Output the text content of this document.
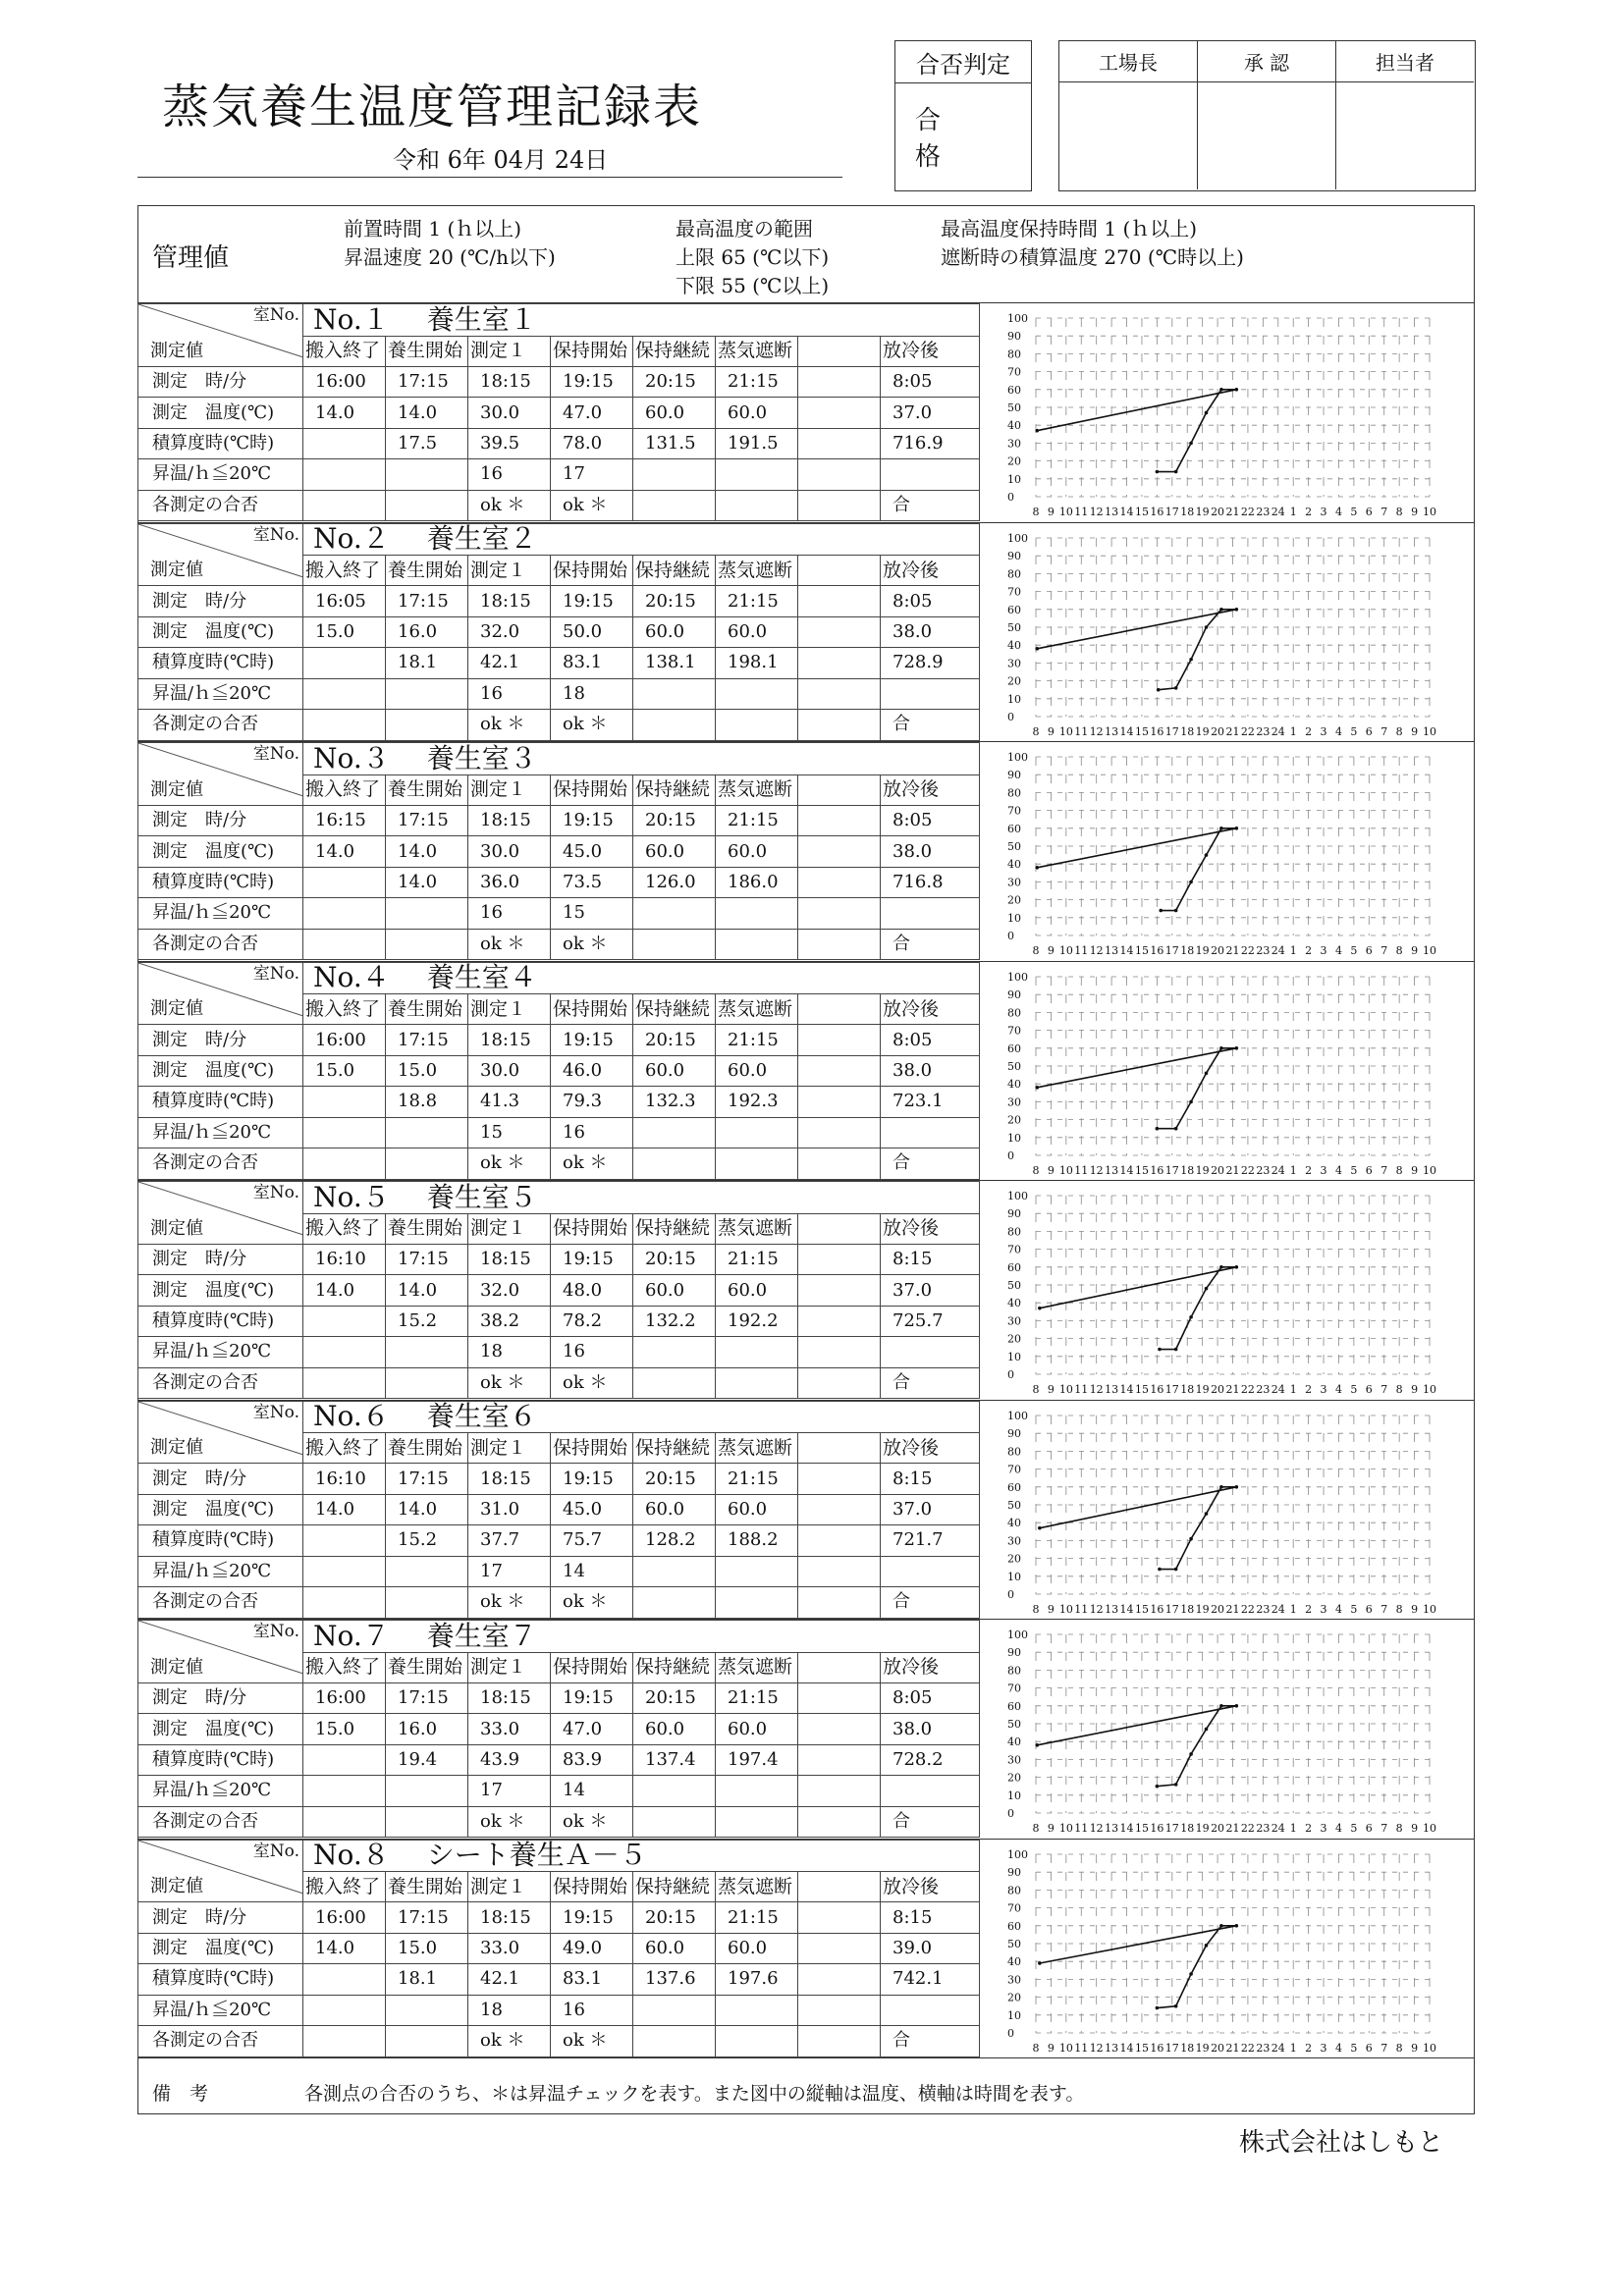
蒸気養生温度管理記録表
令和 6年 04月 24日
合否判定
合 格
工場長	承 認	担当者
管理値
前置時間 1 (ｈ以上)
昇温速度 20 (℃/h以下)
最高温度の範囲
上限 65 (℃以下)
下限 55 (℃以上)
最高温度保持時間 1 (ｈ以上)
遮断時の積算温度 270 (℃時以上)
室No.
測定値	No.１ 養生室１							
	搬入終了	養生開始	測定１	保持開始	保持継続	蒸気遮断		放冷後
測定　時/分	16:00	17:15	18:15	19:15	20:15	21:15		8:05
測定　温度(℃)	14.0	14.0	30.0	47.0	60.0	60.0		37.0
積算度時(℃時)		17.5	39.5	78.0	131.5	191.5		716.9
昇温/ｈ≦20℃			16	17				
各測定の合否			ok ＊	ok ＊				合
100
90
80
70
60
50
40
30
20
10
0
8 9 10 11 12 13 14 15 16 17 18 19 20 21 22 23 24 1 2 3 4 5 6 7 8 9 10
室No.
測定値	No.２ 養生室２							
	搬入終了	養生開始	測定１	保持開始	保持継続	蒸気遮断		放冷後
測定　時/分	16:05	17:15	18:15	19:15	20:15	21:15		8:05
測定　温度(℃)	15.0	16.0	32.0	50.0	60.0	60.0		38.0
積算度時(℃時)		18.1	42.1	83.1	138.1	198.1		728.9
昇温/ｈ≦20℃			16	18				
各測定の合否			ok ＊	ok ＊				合
100
90
80
70
60
50
40
30
20
10
0
8 9 10 11 12 13 14 15 16 17 18 19 20 21 22 23 24 1 2 3 4 5 6 7 8 9 10
室No.
測定値	No.３ 養生室３							
	搬入終了	養生開始	測定１	保持開始	保持継続	蒸気遮断		放冷後
測定　時/分	16:15	17:15	18:15	19:15	20:15	21:15		8:05
測定　温度(℃)	14.0	14.0	30.0	45.0	60.0	60.0		38.0
積算度時(℃時)		14.0	36.0	73.5	126.0	186.0		716.8
昇温/ｈ≦20℃			16	15				
各測定の合否			ok ＊	ok ＊				合
100
90
80
70
60
50
40
30
20
10
0
8 9 10 11 12 13 14 15 16 17 18 19 20 21 22 23 24 1 2 3 4 5 6 7 8 9 10
室No.
測定値	No.４ 養生室４							
	搬入終了	養生開始	測定１	保持開始	保持継続	蒸気遮断		放冷後
測定　時/分	16:00	17:15	18:15	19:15	20:15	21:15		8:05
測定　温度(℃)	15.0	15.0	30.0	46.0	60.0	60.0		38.0
積算度時(℃時)		18.8	41.3	79.3	132.3	192.3		723.1
昇温/ｈ≦20℃			15	16				
各測定の合否			ok ＊	ok ＊				合
100
90
80
70
60
50
40
30
20
10
0
8 9 10 11 12 13 14 15 16 17 18 19 20 21 22 23 24 1 2 3 4 5 6 7 8 9 10
室No.
測定値	No.５ 養生室５							
	搬入終了	養生開始	測定１	保持開始	保持継続	蒸気遮断		放冷後
測定　時/分	16:10	17:15	18:15	19:15	20:15	21:15		8:15
測定　温度(℃)	14.0	14.0	32.0	48.0	60.0	60.0		37.0
積算度時(℃時)		15.2	38.2	78.2	132.2	192.2		725.7
昇温/ｈ≦20℃			18	16				
各測定の合否			ok ＊	ok ＊				合
100
90
80
70
60
50
40
30
20
10
0
8 9 10 11 12 13 14 15 16 17 18 19 20 21 22 23 24 1 2 3 4 5 6 7 8 9 10
室No.
測定値	No.６ 養生室６							
	搬入終了	養生開始	測定１	保持開始	保持継続	蒸気遮断		放冷後
測定　時/分	16:10	17:15	18:15	19:15	20:15	21:15		8:15
測定　温度(℃)	14.0	14.0	31.0	45.0	60.0	60.0		37.0
積算度時(℃時)		15.2	37.7	75.7	128.2	188.2		721.7
昇温/ｈ≦20℃			17	14				
各測定の合否			ok ＊	ok ＊				合
100
90
80
70
60
50
40
30
20
10
0
8 9 10 11 12 13 14 15 16 17 18 19 20 21 22 23 24 1 2 3 4 5 6 7 8 9 10
室No.
測定値	No.７ 養生室７							
	搬入終了	養生開始	測定１	保持開始	保持継続	蒸気遮断		放冷後
測定　時/分	16:00	17:15	18:15	19:15	20:15	21:15		8:05
測定　温度(℃)	15.0	16.0	33.0	47.0	60.0	60.0		38.0
積算度時(℃時)		19.4	43.9	83.9	137.4	197.4		728.2
昇温/ｈ≦20℃			17	14				
各測定の合否			ok ＊	ok ＊				合
100
90
80
70
60
50
40
30
20
10
0
8 9 10 11 12 13 14 15 16 17 18 19 20 21 22 23 24 1 2 3 4 5 6 7 8 9 10
室No.
測定値	No.８ シート養生Ａ－５							
	搬入終了	養生開始	測定１	保持開始	保持継続	蒸気遮断		放冷後
測定　時/分	16:00	17:15	18:15	19:15	20:15	21:15		8:15
測定　温度(℃)	14.0	15.0	33.0	49.0	60.0	60.0		39.0
積算度時(℃時)		18.1	42.1	83.1	137.6	197.6		742.1
昇温/ｈ≦20℃			18	16				
各測定の合否			ok ＊	ok ＊				合
100
90
80
70
60
50
40
30
20
10
0
8 9 10 11 12 13 14 15 16 17 18 19 20 21 22 23 24 1 2 3 4 5 6 7 8 9 10
備　考	各測点の合否のうち、＊は昇温チェックを表す。また図中の縦軸は温度、横軸は時間を表す。
株式会社はしもと
